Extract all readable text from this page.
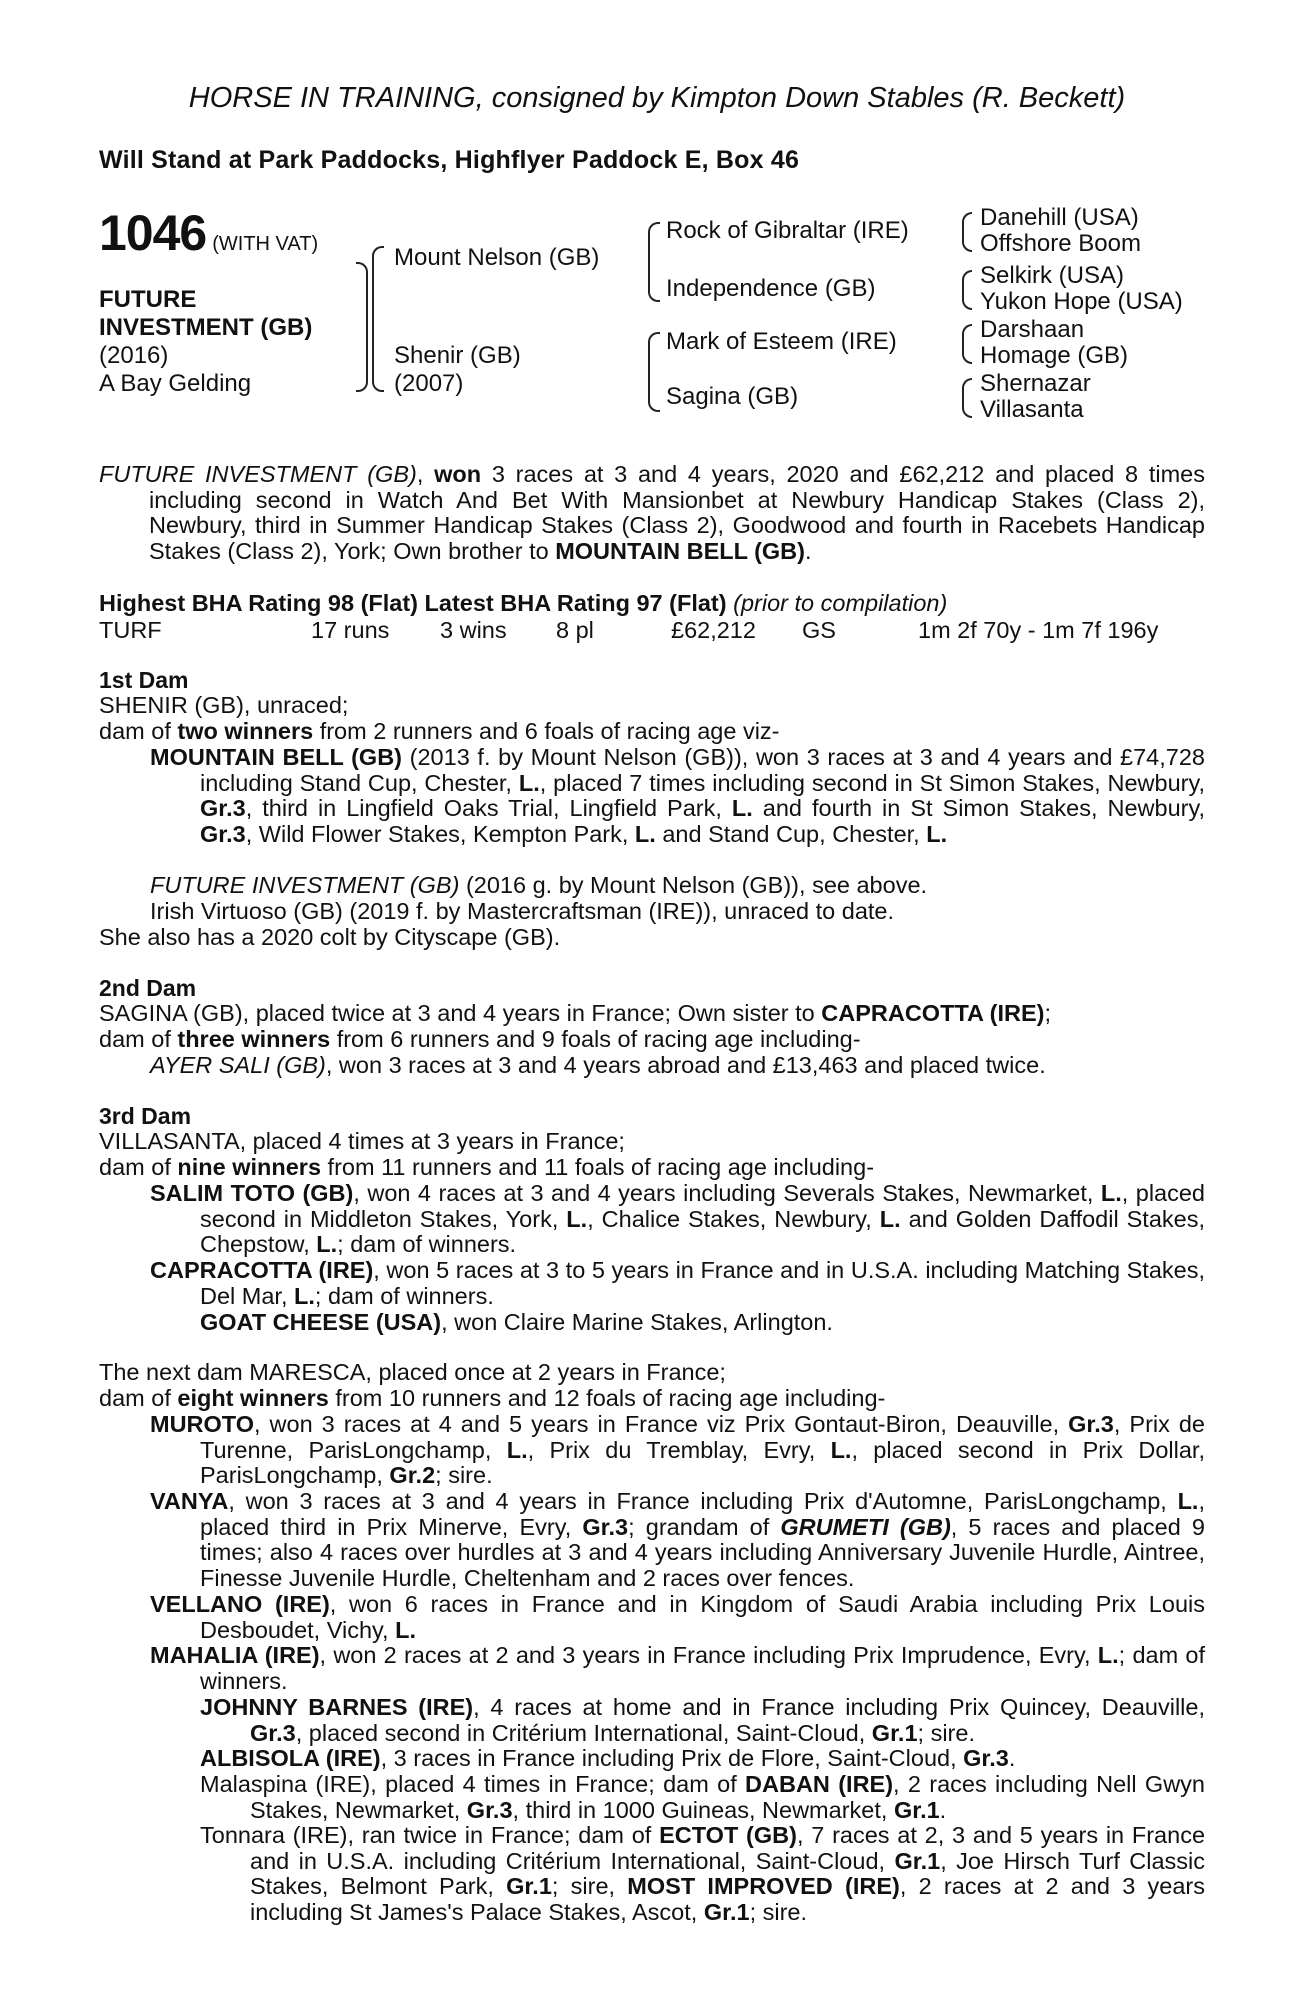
HORSE IN TRAINING, consigned by Kimpton Down Stables (R. Beckett)
Will Stand at Park Paddocks, Highflyer Paddock E, Box 46
1046 (WITH VAT)
FUTURE
INVESTMENT (GB)
(2016)
A Bay Gelding
Mount Nelson (GB)
Shenir (GB)
(2007)
Rock of Gibraltar (IRE)
Independence (GB)
Mark of Esteem (IRE)
Sagina (GB)
Danehill (USA)
Offshore Boom
Selkirk (USA)
Yukon Hope (USA)
Darshaan
Homage (GB)
Shernazar
Villasanta
FUTURE INVESTMENT (GB), won 3 races at 3 and 4 years, 2020 and £62,212 and placed 8 times including second in Watch And Bet With Mansionbet at Newbury Handicap Stakes (Class 2), Newbury, third in Summer Handicap Stakes (Class 2), Goodwood and fourth in Racebets Handicap Stakes (Class 2), York; Own brother to MOUNTAIN BELL (GB).
Highest BHA Rating 98 (Flat) Latest BHA Rating 97 (Flat) (prior to compilation)
TURF	17 runs 3 wins 8 pl	£62,212 GS	1m 2f 70y - 1m 7f 196y
1st Dam
SHENIR (GB), unraced;
dam of two winners from 2 runners and 6 foals of racing age viz-
MOUNTAIN BELL (GB) (2013 f. by Mount Nelson (GB)), won 3 races at 3 and 4 years and £74,728 including Stand Cup, Chester, L., placed 7 times including second in St Simon Stakes, Newbury, Gr.3, third in Lingfield Oaks Trial, Lingfield Park, L. and fourth in St Simon Stakes, Newbury, Gr.3, Wild Flower Stakes, Kempton Park, L. and Stand Cup, Chester, L.
FUTURE INVESTMENT (GB) (2016 g. by Mount Nelson (GB)), see above.
Irish Virtuoso (GB) (2019 f. by Mastercraftsman (IRE)), unraced to date.
She also has a 2020 colt by Cityscape (GB).
2nd Dam
SAGINA (GB), placed twice at 3 and 4 years in France; Own sister to CAPRACOTTA (IRE);
dam of three winners from 6 runners and 9 foals of racing age including-
AYER SALI (GB), won 3 races at 3 and 4 years abroad and £13,463 and placed twice.
3rd Dam
VILLASANTA, placed 4 times at 3 years in France;
dam of nine winners from 11 runners and 11 foals of racing age including-
SALIM TOTO (GB), won 4 races at 3 and 4 years including Severals Stakes, Newmarket, L., placed second in Middleton Stakes, York, L., Chalice Stakes, Newbury, L. and Golden Daffodil Stakes, Chepstow, L.; dam of winners.
CAPRACOTTA (IRE), won 5 races at 3 to 5 years in France and in U.S.A. including Matching Stakes, Del Mar, L.; dam of winners.
GOAT CHEESE (USA), won Claire Marine Stakes, Arlington.
The next dam MARESCA, placed once at 2 years in France;
dam of eight winners from 10 runners and 12 foals of racing age including-
MUROTO, won 3 races at 4 and 5 years in France viz Prix Gontaut-Biron, Deauville, Gr.3, Prix de Turenne, ParisLongchamp, L., Prix du Tremblay, Evry, L., placed second in Prix Dollar, ParisLongchamp, Gr.2; sire.
VANYA, won 3 races at 3 and 4 years in France including Prix d'Automne, ParisLongchamp, L., placed third in Prix Minerve, Evry, Gr.3; grandam of GRUMETI (GB), 5 races and placed 9 times; also 4 races over hurdles at 3 and 4 years including Anniversary Juvenile Hurdle, Aintree, Finesse Juvenile Hurdle, Cheltenham and 2 races over fences.
VELLANO (IRE), won 6 races in France and in Kingdom of Saudi Arabia including Prix Louis Desboudet, Vichy, L.
MAHALIA (IRE), won 2 races at 2 and 3 years in France including Prix Imprudence, Evry, L.; dam of winners.
JOHNNY BARNES (IRE), 4 races at home and in France including Prix Quincey, Deauville, Gr.3, placed second in Critérium International, Saint-Cloud, Gr.1; sire.
ALBISOLA (IRE), 3 races in France including Prix de Flore, Saint-Cloud, Gr.3.
Malaspina (IRE), placed 4 times in France; dam of DABAN (IRE), 2 races including Nell Gwyn Stakes, Newmarket, Gr.3, third in 1000 Guineas, Newmarket, Gr.1.
Tonnara (IRE), ran twice in France; dam of ECTOT (GB), 7 races at 2, 3 and 5 years in France and in U.S.A. including Critérium International, Saint-Cloud, Gr.1, Joe Hirsch Turf Classic Stakes, Belmont Park, Gr.1; sire, MOST IMPROVED (IRE), 2 races at 2 and 3 years including St James's Palace Stakes, Ascot, Gr.1; sire.
